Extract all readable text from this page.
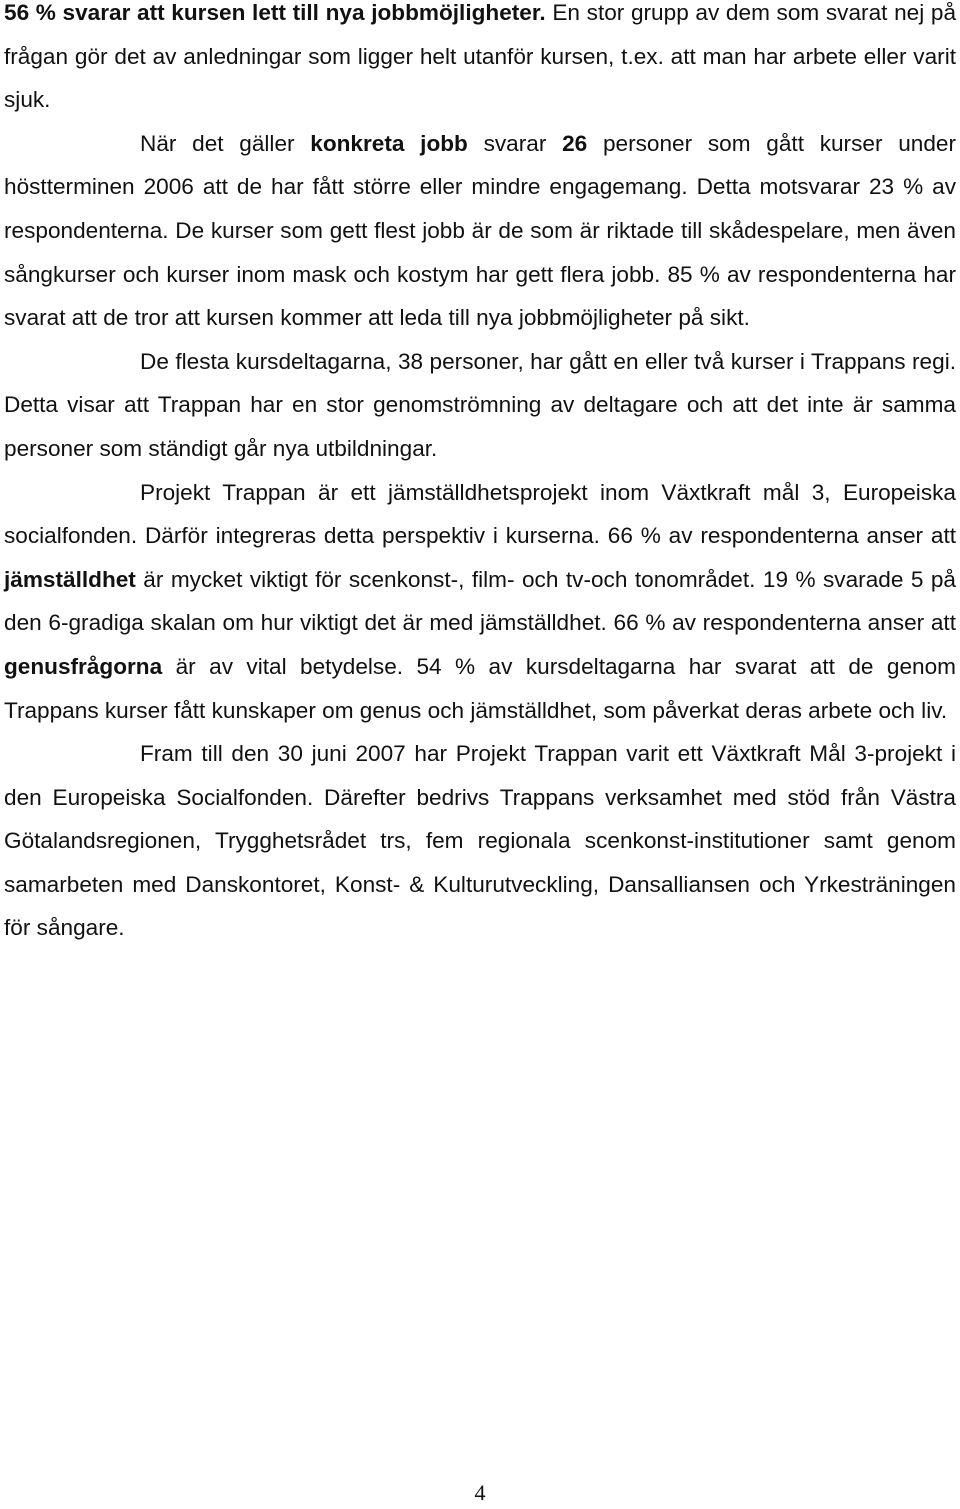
56 % svarar att kursen lett till nya jobbmöjligheter. En stor grupp av dem som svarat nej på frågan gör det av anledningar som ligger helt utanför kursen, t.ex. att man har arbete eller varit sjuk.

När det gäller konkreta jobb svarar 26 personer som gått kurser under höstterminen 2006 att de har fått större eller mindre engagemang. Detta motsvarar 23 % av respondenterna. De kurser som gett flest jobb är de som är riktade till skådespelare, men även sångkurser och kurser inom mask och kostym har gett flera jobb. 85 % av respondenterna har svarat att de tror att kursen kommer att leda till nya jobbmöjligheter på sikt.

De flesta kursdeltagarna, 38 personer, har gått en eller två kurser i Trappans regi. Detta visar att Trappan har en stor genomströmning av deltagare och att det inte är samma personer som ständigt går nya utbildningar.

Projekt Trappan är ett jämställdhetsprojekt inom Växtkraft mål 3, Europeiska socialfonden. Därför integreras detta perspektiv i kurserna. 66 % av respondenterna anser att jämställdhet är mycket viktigt för scenkonst-, film- och tv-och tonområdet. 19 % svarade 5 på den 6-gradiga skalan om hur viktigt det är med jämställdhet. 66 % av respondenterna anser att genusfrågorna är av vital betydelse. 54 % av kursdeltagarna har svarat att de genom Trappans kurser fått kunskaper om genus och jämställdhet, som påverkat deras arbete och liv.

Fram till den 30 juni 2007 har Projekt Trappan varit ett Växtkraft Mål 3-projekt i den Europeiska Socialfonden. Därefter bedrivs Trappans verksamhet med stöd från Västra Götalandsregionen, Trygghetsrådet trs, fem regionala scenkonst-institutioner samt genom samarbeten med Danskontoret, Konst- & Kulturutveckling, Dansalliansen och Yrkesträningen för sångare.

4
